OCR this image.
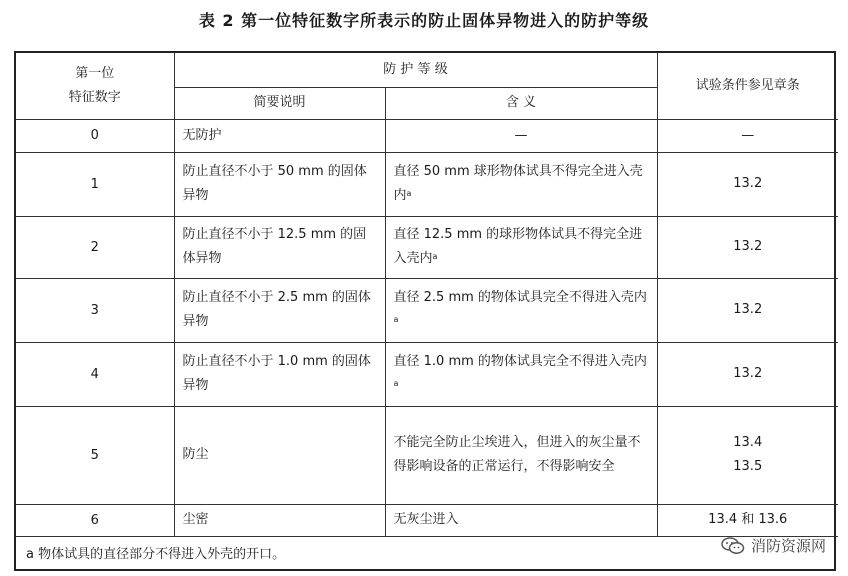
表 2 第一位特征数字所表示的防止固体异物进入的防护等级
第一位
特征数字	防 护 等 级		试验条件参见章条
	简要说明	含 义	
0	无防护	—	—
1	防止直径不小于 50 mm 的固体异物	直径 50 mm 球形物体试具不得完全进入壳内$^a$	13.2
2	防止直径不小于 12.5 mm 的固体异物	直径 12.5 mm 的球形物体试具不得完全进入壳内$^a$	13.2
3	防止直径不小于 2.5 mm 的固体异物	直径 2.5 mm 的物体试具完全不得进入壳内$^a$	13.2
4	防止直径不小于 1.0 mm 的固体异物	直径 1.0 mm 的物体试具完全不得进入壳内$^a$	13.2
5	防尘	不能完全防止尘埃进入，但进入的灰尘量不得影响设备的正常运行，不得影响安全	13.4
13.5
6	尘密	无灰尘进入	13.4 和 13.6
a 物体试具的直径部分不得进入外壳的开口。				消防资源网
